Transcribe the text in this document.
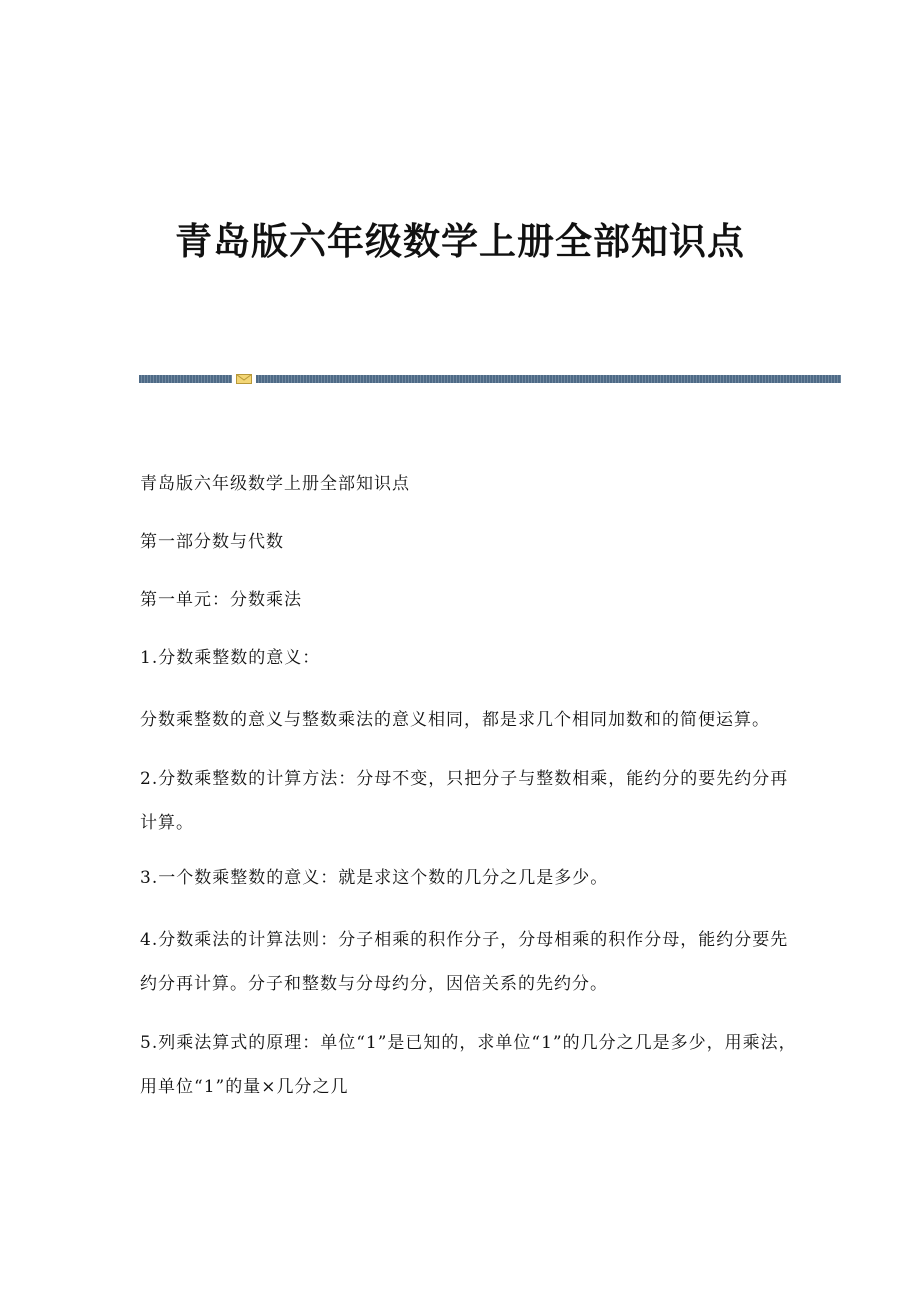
青岛版六年级数学上册全部知识点

青岛版六年级数学上册全部知识点

第一部分数与代数

第一单元：分数乘法

1.分数乘整数的意义：

分数乘整数的意义与整数乘法的意义相同，都是求几个相同加数和的简便运算。

2.分数乘整数的计算方法：分母不变，只把分子与整数相乘，能约分的要先约分再计算。

3.一个数乘整数的意义：就是求这个数的几分之几是多少。

4.分数乘法的计算法则：分子相乘的积作分子，分母相乘的积作分母，能约分要先约分再计算。分子和整数与分母约分，因倍关系的先约分。

5.列乘法算式的原理：单位“1”是已知的，求单位“1”的几分之几是多少，用乘法，用单位“1”的量×几分之几
